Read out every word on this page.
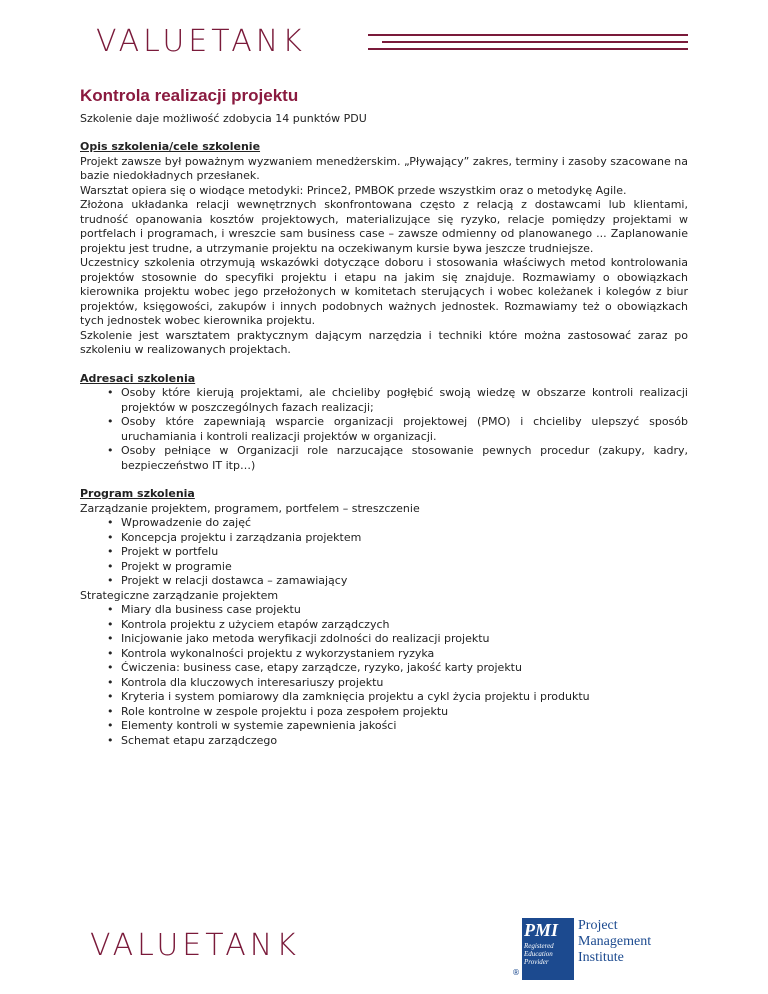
VALUETANK
Kontrola realizacji projektu
Szkolenie daje możliwość zdobycia 14 punktów PDU
Opis szkolenia/cele szkolenie

Projekt zawsze był poważnym wyzwaniem menedżerskim. „Pływający” zakres, terminy i zasoby szacowane na bazie niedokładnych przesłanek.

Warsztat opiera się o wiodące metodyki: Prince2, PMBOK przede wszystkim oraz o metodykę Agile.

Złożona układanka relacji wewnętrznych skonfrontowana często z relacją z dostawcami lub klientami, trudność opanowania kosztów projektowych, materializujące się ryzyko, relacje pomiędzy projektami w portfelach i programach, i wreszcie sam business case – zawsze odmienny od planowanego ... Zaplanowanie projektu jest trudne, a utrzymanie projektu na oczekiwanym kursie bywa jeszcze trudniejsze.

Uczestnicy szkolenia otrzymują wskazówki dotyczące doboru i stosowania właściwych metod kontrolowania projektów stosownie do specyfiki projektu i etapu na jakim się znajduje. Rozmawiamy o obowiązkach kierownika projektu wobec jego przełożonych w komitetach sterujących i wobec koleżanek i kolegów z biur projektów, księgowości, zakupów i innych podobnych ważnych jednostek. Rozmawiamy też o obowiązkach tych jednostek wobec kierownika projektu.

Szkolenie jest warsztatem praktycznym dającym narzędzia i techniki które można zastosować zaraz po szkoleniu w realizowanych projektach.

Adresaci szkolenia
• Osoby które kierują projektami, ale chcieliby pogłębić swoją wiedzę w obszarze kontroli realizacji projektów w poszczególnych fazach realizacji;
• Osoby które zapewniają wsparcie organizacji projektowej (PMO) i chcieliby ulepszyć sposób uruchamiania i kontroli realizacji projektów w organizacji.
• Osoby pełniące w Organizacji role narzucające stosowanie pewnych procedur (zakupy, kadry, bezpieczeństwo IT itp…)
Program szkolenia

Zarządzanie projektem, programem, portfelem – streszczenie

• Wprowadzenie do zajęć
• Koncepcja projektu i zarządzania projektem
• Projekt w portfelu
• Projekt w programie
• Projekt w relacji dostawca – zamawiający

Strategiczne zarządzanie projektem

• Miary dla business case projektu
• Kontrola projektu z użyciem etapów zarządczych
• Inicjowanie jako metoda weryfikacji zdolności do realizacji projektu
• Kontrola wykonalności projektu z wykorzystaniem ryzyka
• Ćwiczenia: business case, etapy zarządcze, ryzyko, jakość karty projektu
• Kontrola dla kluczowych interesariuszy projektu
• Kryteria i system pomiarowy dla zamknięcia projektu a cykl życia projektu i produktu
• Role kontrolne w zespole projektu i poza zespołem projektu
• Elementy kontroli w systemie zapewnienia jakości
• Schemat etapu zarządczego
VALUETANK	PMI
Registered Education Provider
®
Project Management Institute
